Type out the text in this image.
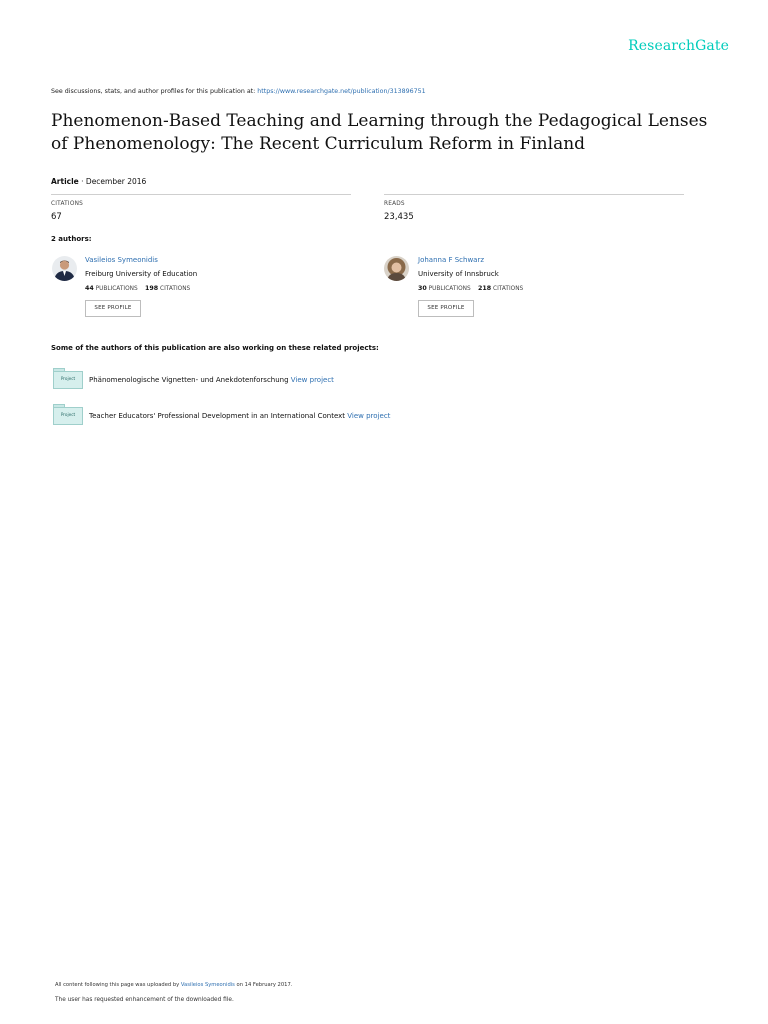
ResearchGate
See discussions, stats, and author profiles for this publication at: https://www.researchgate.net/publication/313896751
Phenomenon-Based Teaching and Learning through the Pedagogical Lenses of Phenomenology: The Recent Curriculum Reform in Finland
Article · December 2016
CITATIONS
67
READS
23,435
2 authors:
Vasileios Symeonidis
Freiburg University of Education
44 PUBLICATIONS 198 CITATIONS
SEE PROFILE
Johanna F Schwarz
University of Innsbruck
30 PUBLICATIONS 218 CITATIONS
SEE PROFILE
Some of the authors of this publication are also working on these related projects:
Project	Phänomenologische Vignetten- und Anekdotenforschung View project
Project	Teacher Educators' Professional Development in an International Context View project
All content following this page was uploaded by Vasileios Symeonidis on 14 February 2017.
The user has requested enhancement of the downloaded file.
